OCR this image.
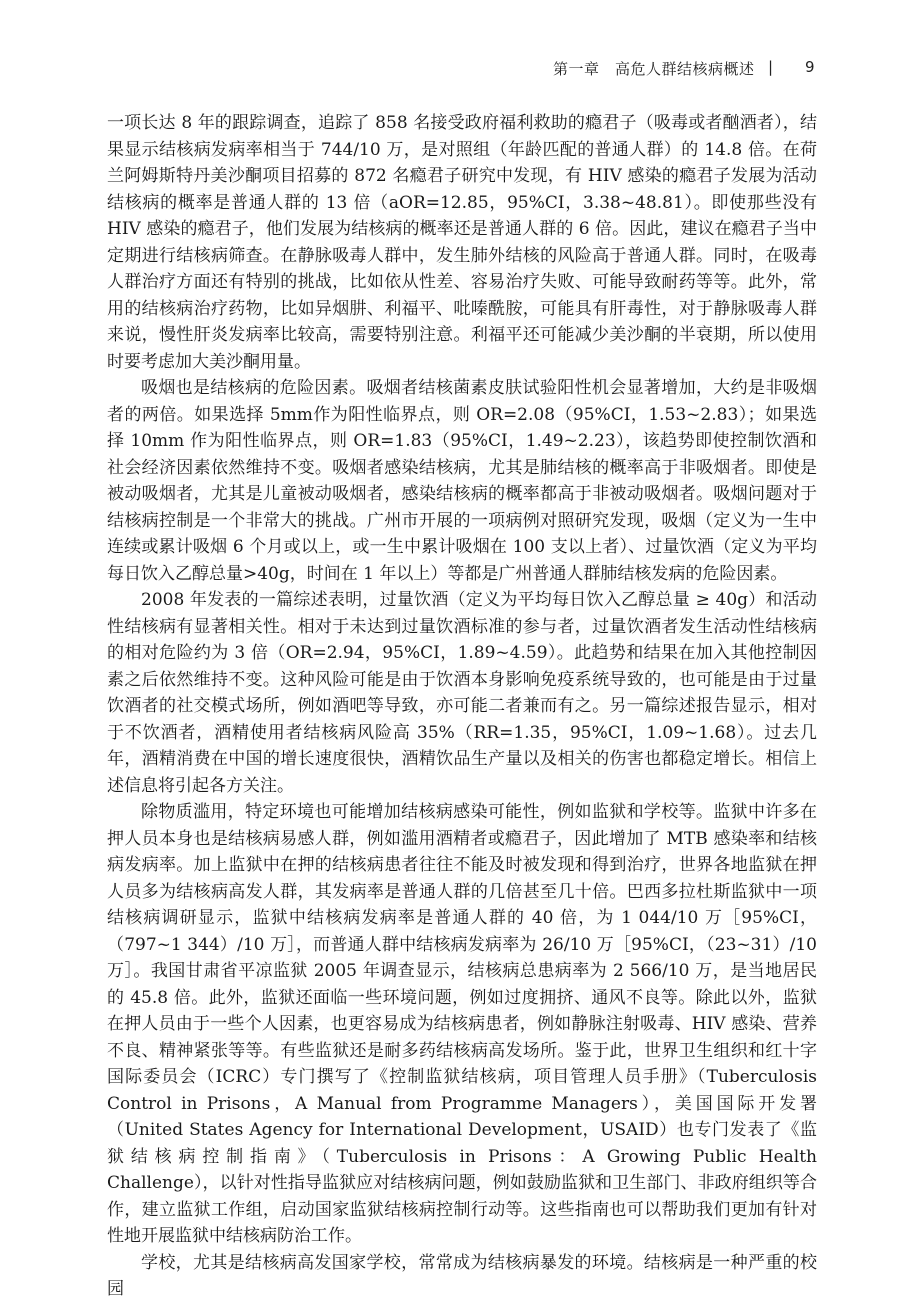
第一章　高危人群结核病概述 | 9

一项长达 8 年的跟踪调查，追踪了 858 名接受政府福利救助的瘾君子（吸毒或者酗酒者），结果显示结核病发病率相当于 744/10 万，是对照组（年龄匹配的普通人群）的 14.8 倍。在荷兰阿姆斯特丹美沙酮项目招募的 872 名瘾君子研究中发现，有 HIV 感染的瘾君子发展为活动结核病的概率是普通人群的 13 倍（aOR=12.85，95%CI，3.38~48.81）。即使那些没有 HIV 感染的瘾君子，他们发展为结核病的概率还是普通人群的 6 倍。因此，建议在瘾君子当中定期进行结核病筛查。在静脉吸毒人群中，发生肺外结核的风险高于普通人群。同时，在吸毒人群治疗方面还有特别的挑战，比如依从性差、容易治疗失败、可能导致耐药等等。此外，常用的结核病治疗药物，比如异烟肼、利福平、吡嗪酰胺，可能具有肝毒性，对于静脉吸毒人群来说，慢性肝炎发病率比较高，需要特别注意。利福平还可能减少美沙酮的半衰期，所以使用时要考虑加大美沙酮用量。

吸烟也是结核病的危险因素。吸烟者结核菌素皮肤试验阳性机会显著增加，大约是非吸烟者的两倍。如果选择 5mm作为阳性临界点，则 OR=2.08（95%CI，1.53~2.83）；如果选择 10mm 作为阳性临界点，则 OR=1.83（95%CI，1.49~2.23），该趋势即使控制饮酒和社会经济因素依然维持不变。吸烟者感染结核病，尤其是肺结核的概率高于非吸烟者。即使是被动吸烟者，尤其是儿童被动吸烟者，感染结核病的概率都高于非被动吸烟者。吸烟问题对于结核病控制是一个非常大的挑战。广州市开展的一项病例对照研究发现，吸烟（定义为一生中连续或累计吸烟 6 个月或以上，或一生中累计吸烟在 100 支以上者）、过量饮酒（定义为平均每日饮入乙醇总量>40g，时间在 1 年以上）等都是广州普通人群肺结核发病的危险因素。

2008 年发表的一篇综述表明，过量饮酒（定义为平均每日饮入乙醇总量 ≥ 40g）和活动性结核病有显著相关性。相对于未达到过量饮酒标准的参与者，过量饮酒者发生活动性结核病的相对危险约为 3 倍（OR=2.94，95%CI，1.89~4.59）。此趋势和结果在加入其他控制因素之后依然维持不变。这种风险可能是由于饮酒本身影响免疫系统导致的，也可能是由于过量饮酒者的社交模式场所，例如酒吧等导致，亦可能二者兼而有之。另一篇综述报告显示，相对于不饮酒者，酒精使用者结核病风险高 35%（RR=1.35，95%CI，1.09~1.68）。过去几年，酒精消费在中国的增长速度很快，酒精饮品生产量以及相关的伤害也都稳定增长。相信上述信息将引起各方关注。

除物质滥用，特定环境也可能增加结核病感染可能性，例如监狱和学校等。监狱中许多在押人员本身也是结核病易感人群，例如滥用酒精者或瘾君子，因此增加了 MTB 感染率和结核病发病率。加上监狱中在押的结核病患者往往不能及时被发现和得到治疗，世界各地监狱在押人员多为结核病高发人群，其发病率是普通人群的几倍甚至几十倍。巴西多拉杜斯监狱中一项结核病调研显示，监狱中结核病发病率是普通人群的 40 倍，为 1 044/10 万［95%CI，（797~1 344）/10 万］，而普通人群中结核病发病率为 26/10 万［95%CI，（23~31）/10 万］。我国甘肃省平凉监狱 2005 年调查显示，结核病总患病率为 2 566/10 万，是当地居民的 45.8 倍。此外，监狱还面临一些环境问题，例如过度拥挤、通风不良等。除此以外，监狱在押人员由于一些个人因素，也更容易成为结核病患者，例如静脉注射吸毒、HIV 感染、营养不良、精神紧张等等。有些监狱还是耐多药结核病高发场所。鉴于此，世界卫生组织和红十字国际委员会（ICRC）专门撰写了《控制监狱结核病，项目管理人员手册》（Tuberculosis Control in Prisons，A Manual from Programme Managers），美国国际开发署（United States Agency for International Development，USAID）也专门发表了《监狱结核病控制指南》（Tuberculosis in Prisons：A Growing Public Health Challenge），以针对性指导监狱应对结核病问题，例如鼓励监狱和卫生部门、非政府组织等合作，建立监狱工作组，启动国家监狱结核病控制行动等。这些指南也可以帮助我们更加有针对性地开展监狱中结核病防治工作。

学校，尤其是结核病高发国家学校，常常成为结核病暴发的环境。结核病是一种严重的校园
